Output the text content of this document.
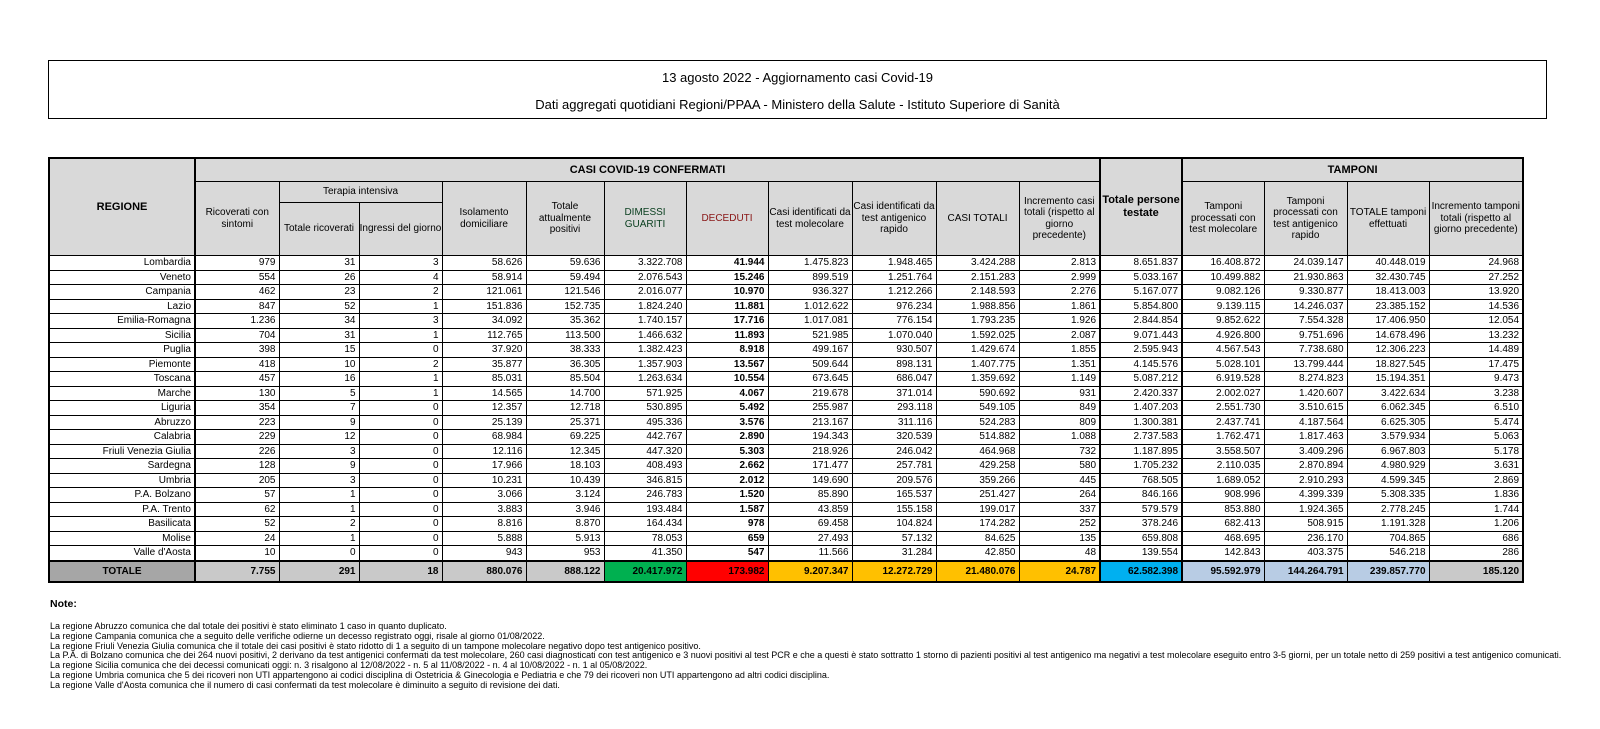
13 agosto 2022 - Aggiornamento casi Covid-19
Dati aggregati quotidiani Regioni/PPAA - Ministero della Salute - Istituto Superiore di Sanità
REGIONE	CASI COVID-19 CONFERMATI											Totale persone testate	TAMPONI			
	Ricoverati con sintomi	Terapia intensiva		Isolamento domiciliare	Totale attualmente positivi	DIMESSI GUARITI	DECEDUTI	Casi identificati da test molecolare	Casi identificati da test antigenico rapido	CASI TOTALI	Incremento casi totali (rispetto al giorno precedente)		Tamponi processati con test molecolare	Tamponi processati con test antigenico rapido	TOTALE tamponi effettuati	Incremento tamponi totali (rispetto al giorno precedente)
		Totale ricoverati	Ingressi del giorno													
Lombardia	979	31	3	58.626	59.636	3.322.708	41.944	1.475.823	1.948.465	3.424.288	2.813	8.651.837	16.408.872	24.039.147	40.448.019	24.968
Veneto	554	26	4	58.914	59.494	2.076.543	15.246	899.519	1.251.764	2.151.283	2.999	5.033.167	10.499.882	21.930.863	32.430.745	27.252
Campania	462	23	2	121.061	121.546	2.016.077	10.970	936.327	1.212.266	2.148.593	2.276	5.167.077	9.082.126	9.330.877	18.413.003	13.920
Lazio	847	52	1	151.836	152.735	1.824.240	11.881	1.012.622	976.234	1.988.856	1.861	5.854.800	9.139.115	14.246.037	23.385.152	14.536
Emilia-Romagna	1.236	34	3	34.092	35.362	1.740.157	17.716	1.017.081	776.154	1.793.235	1.926	2.844.854	9.852.622	7.554.328	17.406.950	12.054
Sicilia	704	31	1	112.765	113.500	1.466.632	11.893	521.985	1.070.040	1.592.025	2.087	9.071.443	4.926.800	9.751.696	14.678.496	13.232
Puglia	398	15	0	37.920	38.333	1.382.423	8.918	499.167	930.507	1.429.674	1.855	2.595.943	4.567.543	7.738.680	12.306.223	14.489
Piemonte	418	10	2	35.877	36.305	1.357.903	13.567	509.644	898.131	1.407.775	1.351	4.145.576	5.028.101	13.799.444	18.827.545	17.475
Toscana	457	16	1	85.031	85.504	1.263.634	10.554	673.645	686.047	1.359.692	1.149	5.087.212	6.919.528	8.274.823	15.194.351	9.473
Marche	130	5	1	14.565	14.700	571.925	4.067	219.678	371.014	590.692	931	2.420.337	2.002.027	1.420.607	3.422.634	3.238
Liguria	354	7	0	12.357	12.718	530.895	5.492	255.987	293.118	549.105	849	1.407.203	2.551.730	3.510.615	6.062.345	6.510
Abruzzo	223	9	0	25.139	25.371	495.336	3.576	213.167	311.116	524.283	809	1.300.381	2.437.741	4.187.564	6.625.305	5.474
Calabria	229	12	0	68.984	69.225	442.767	2.890	194.343	320.539	514.882	1.088	2.737.583	1.762.471	1.817.463	3.579.934	5.063
Friuli Venezia Giulia	226	3	0	12.116	12.345	447.320	5.303	218.926	246.042	464.968	732	1.187.895	3.558.507	3.409.296	6.967.803	5.178
Sardegna	128	9	0	17.966	18.103	408.493	2.662	171.477	257.781	429.258	580	1.705.232	2.110.035	2.870.894	4.980.929	3.631
Umbria	205	3	0	10.231	10.439	346.815	2.012	149.690	209.576	359.266	445	768.505	1.689.052	2.910.293	4.599.345	2.869
P.A. Bolzano	57	1	0	3.066	3.124	246.783	1.520	85.890	165.537	251.427	264	846.166	908.996	4.399.339	5.308.335	1.836
P.A. Trento	62	1	0	3.883	3.946	193.484	1.587	43.859	155.158	199.017	337	579.579	853.880	1.924.365	2.778.245	1.744
Basilicata	52	2	0	8.816	8.870	164.434	978	69.458	104.824	174.282	252	378.246	682.413	508.915	1.191.328	1.206
Molise	24	1	0	5.888	5.913	78.053	659	27.493	57.132	84.625	135	659.808	468.695	236.170	704.865	686
Valle d'Aosta	10	0	0	943	953	41.350	547	11.566	31.284	42.850	48	139.554	142.843	403.375	546.218	286
TOTALE	7.755	291	18	880.076	888.122	20.417.972	173.982	9.207.347	12.272.729	21.480.076	24.787	62.582.398	95.592.979	144.264.791	239.857.770	185.120
Note:
La regione Abruzzo comunica che dal totale dei positivi è stato eliminato 1 caso in quanto duplicato.
La regione Campania comunica che a seguito delle verifiche odierne un decesso registrato oggi, risale al giorno 01/08/2022.
La regione Friuli Venezia Giulia comunica che il totale dei casi positivi è stato ridotto di 1 a seguito di un tampone molecolare negativo dopo test antigenico positivo.
La P.A. di Bolzano comunica che dei 264 nuovi positivi, 2 derivano da test antigenici confermati da test molecolare, 260 casi diagnosticati con test antigenico e 3 nuovi positivi al test PCR e che a questi è stato sottratto 1 storno di pazienti positivi al test antigenico ma negativi a test molecolare eseguito entro 3-5 giorni, per un totale netto di 259 positivi a test antigenico comunicati.
La regione Sicilia comunica che dei decessi comunicati oggi: n. 3 risalgono al 12/08/2022 - n. 5 al 11/08/2022 - n. 4 al 10/08/2022 - n. 1 al 05/08/2022.
La regione Umbria comunica che 5 dei ricoveri non UTI appartengono ai codici disciplina di Ostetricia & Ginecologia e Pediatria e che 79 dei ricoveri non UTI appartengono ad altri codici disciplina.
La regione Valle d'Aosta comunica che il numero di casi confermati da test molecolare è diminuito a seguito di revisione dei dati.
